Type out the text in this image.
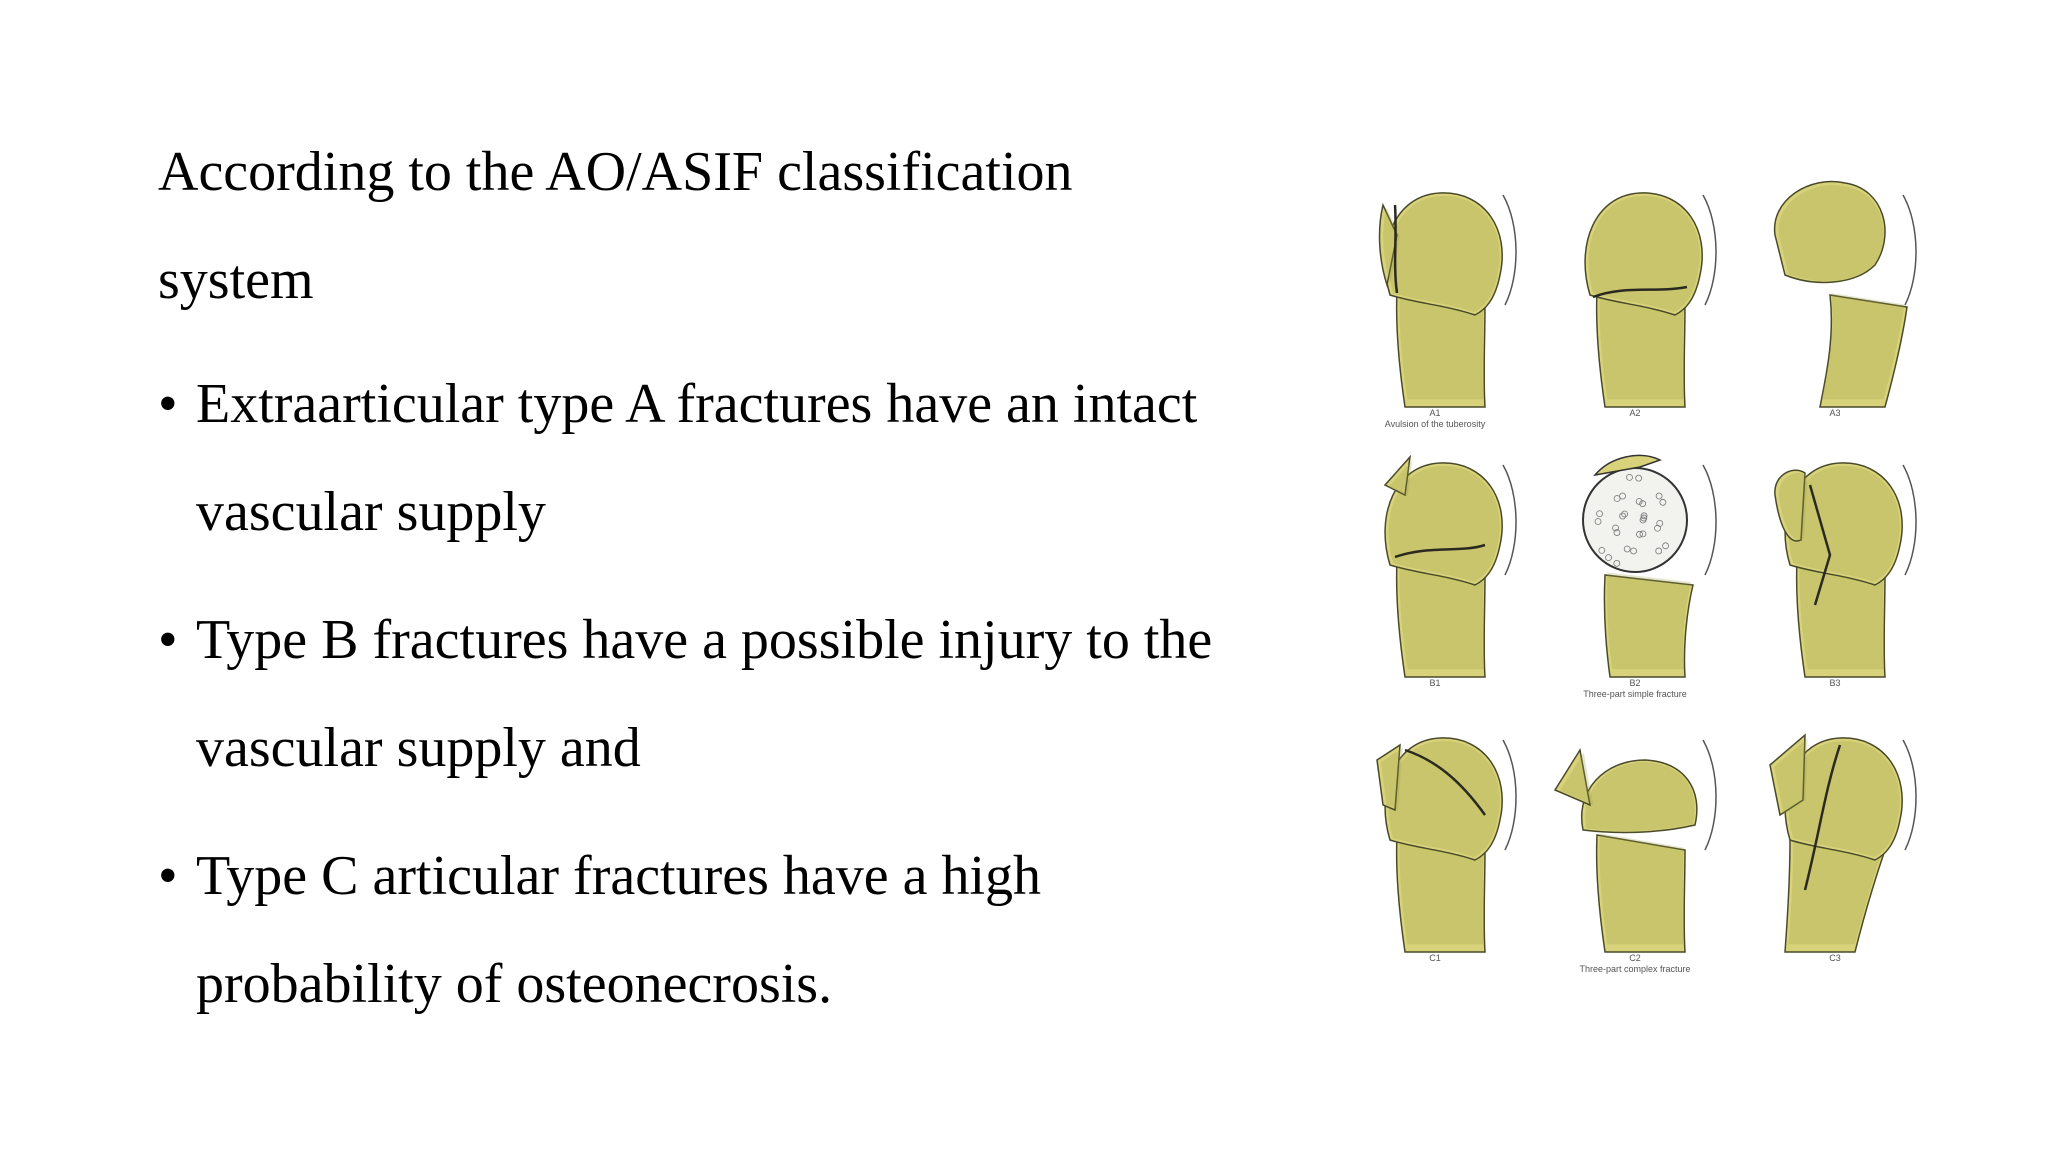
According to the AO/ASIF classification
system

• Extraarticular type A fractures have an intact
vascular supply
• Type B fractures have a possible injury to the
vascular supply and
• Type C articular fractures have a high
probability of osteonecrosis.
A1
Avulsion of the tuberosity
A2	A3
B1	B2
Three-part simple fracture
B3
C1	C2
Three-part complex fracture
C3
